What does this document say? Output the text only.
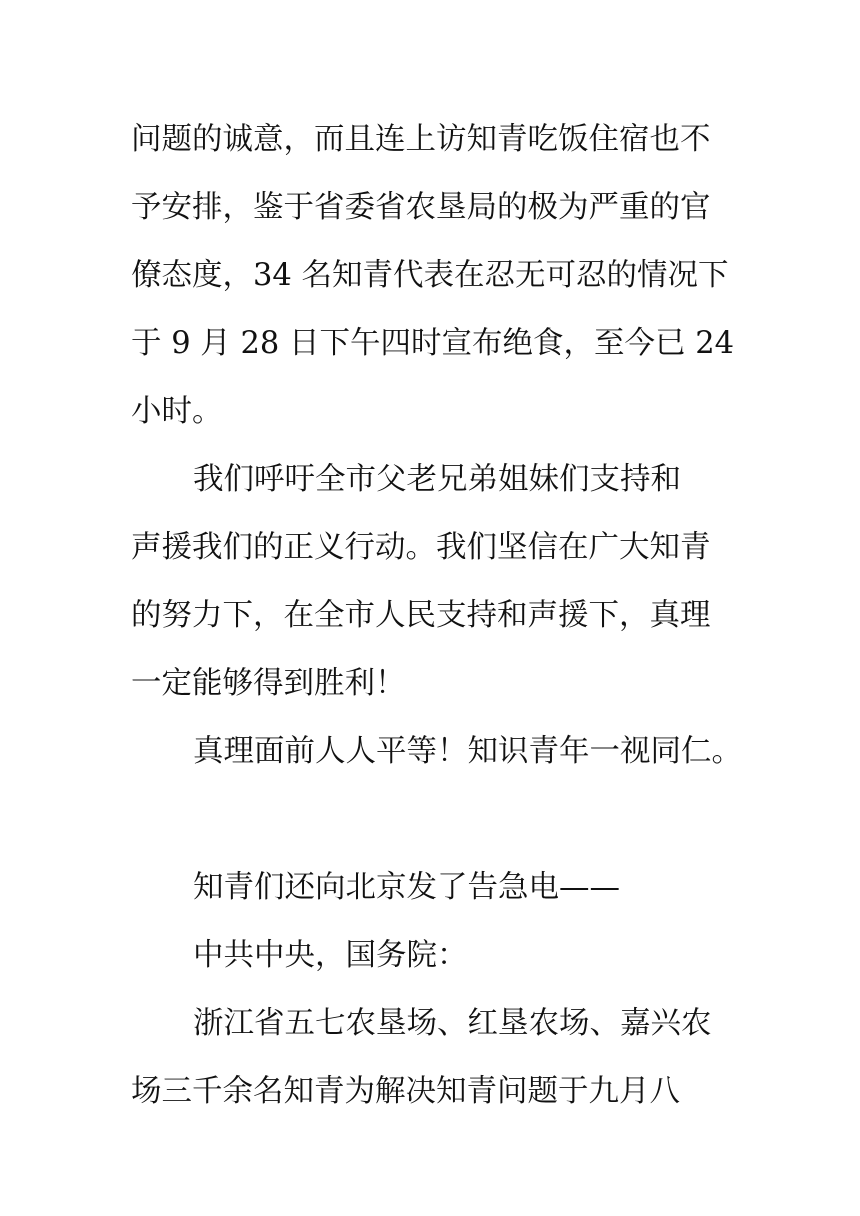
问题的诚意，而且连上访知青吃饭住宿也不
予安排，鉴于省委省农垦局的极为严重的官
僚态度，34 名知青代表在忍无可忍的情况下
于 9 月 28 日下午四时宣布绝食，至今已 24
小时。
我们呼吁全市父老兄弟姐妹们支持和
声援我们的正义行动。我们坚信在广大知青
的努力下，在全市人民支持和声援下，真理
一定能够得到胜利！
真理面前人人平等！知识青年一视同仁。
知青们还向北京发了告急电——
中共中央，国务院：
浙江省五七农垦场、红垦农场、嘉兴农
场三千余名知青为解决知青问题于九月八
